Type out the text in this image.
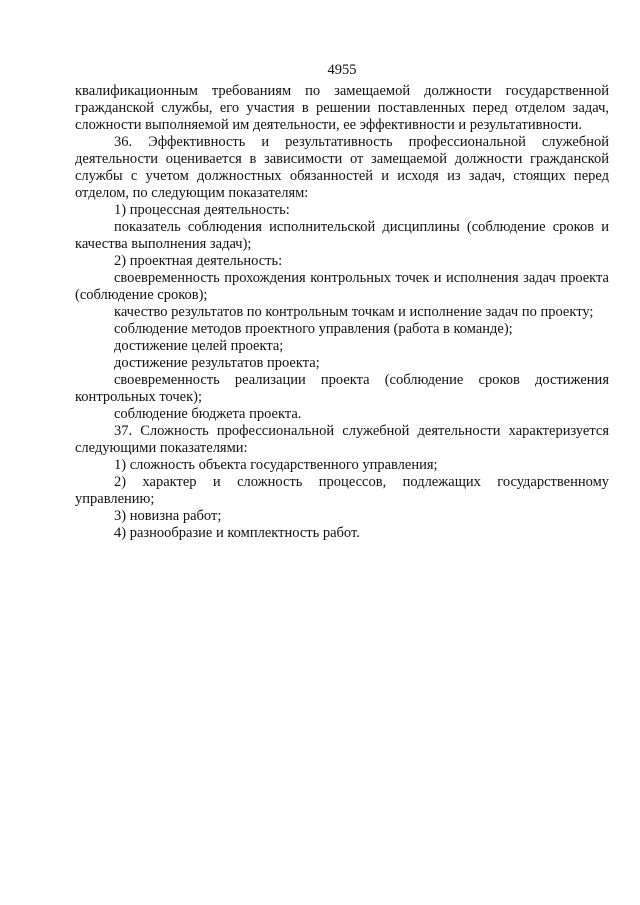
4955

квалификационным требованиям по замещаемой должности государственной гражданской службы, его участия в решении поставленных перед отделом задач, сложности выполняемой им деятельности, ее эффективности и результативности.

36. Эффективность и результативность профессиональной служебной деятельности оценивается в зависимости от замещаемой должности гражданской службы с учетом должностных обязанностей и исходя из задач, стоящих перед отделом, по следующим показателям:

1) процессная деятельность:

показатель соблюдения исполнительской дисциплины (соблюдение сроков и качества выполнения задач);

2) проектная деятельность:

своевременность прохождения контрольных точек и исполнения задач проекта (соблюдение сроков);

качество результатов по контрольным точкам и исполнение задач по проекту;

соблюдение методов проектного управления (работа в команде);

достижение целей проекта;

достижение результатов проекта;

своевременность реализации проекта (соблюдение сроков достижения контрольных точек);

соблюдение бюджета проекта.

37. Сложность профессиональной служебной деятельности характеризуется следующими показателями:

1) сложность объекта государственного управления;

2) характер и сложность процессов, подлежащих государственному управлению;

3) новизна работ;

4) разнообразие и комплектность работ.
